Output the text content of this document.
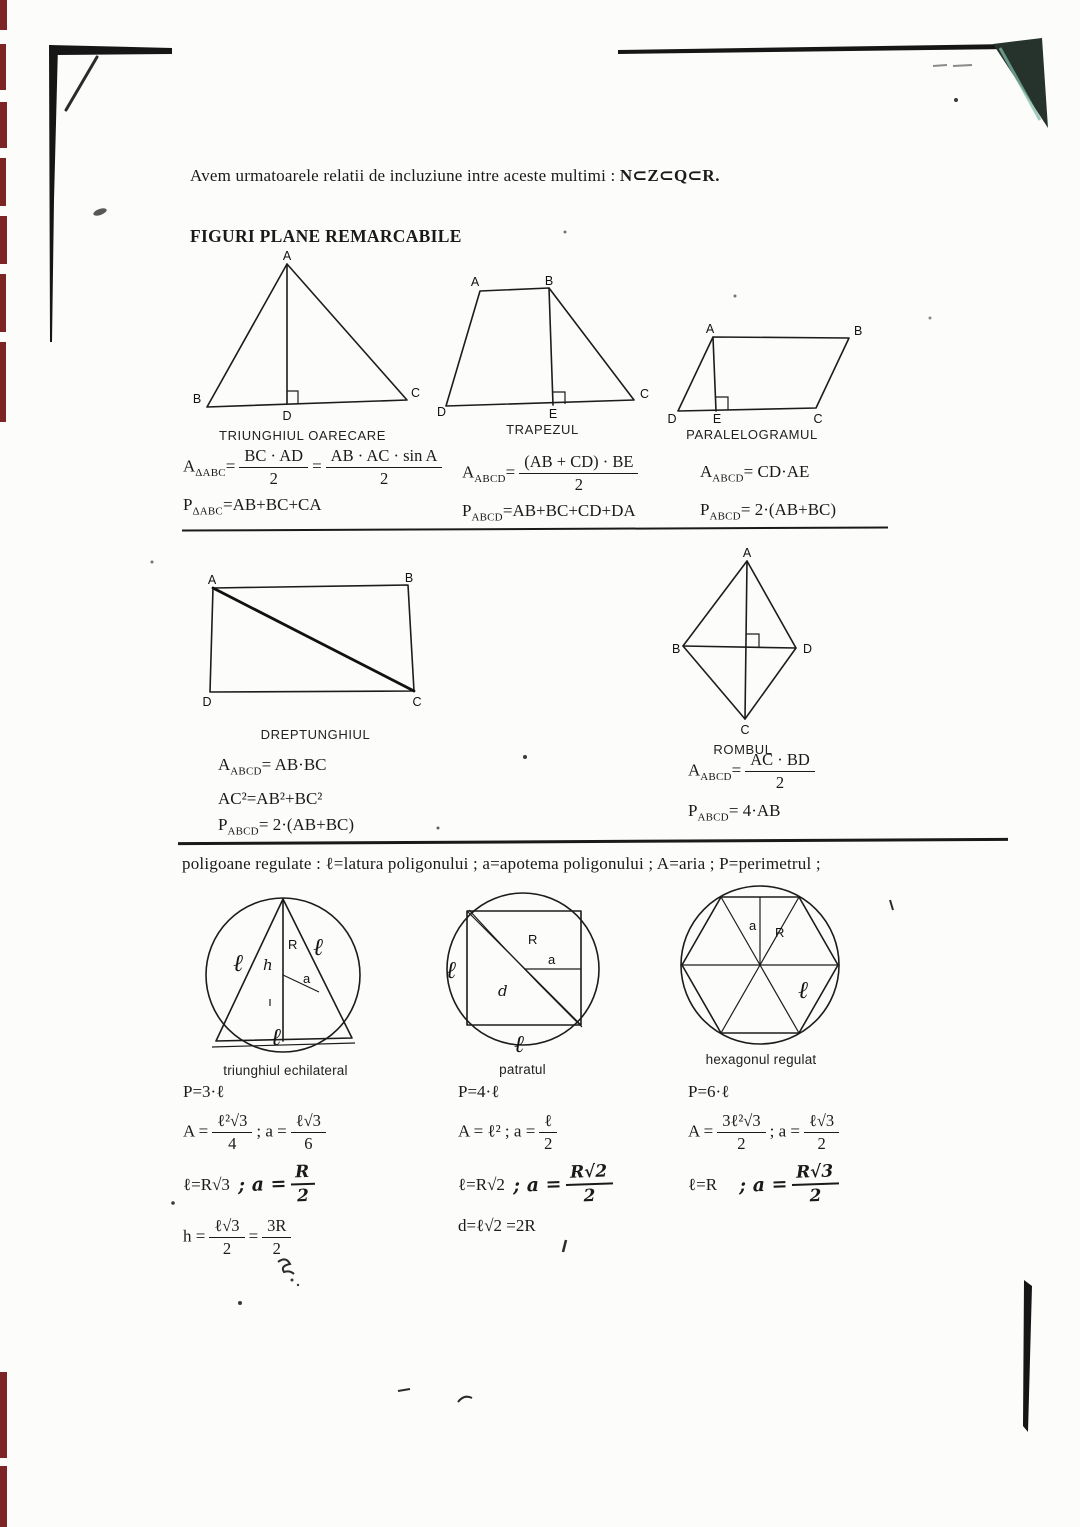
Avem urmatoarele relatii de incluziune intre aceste multimi : N⊂Z⊂Q⊂R.
FIGURI PLANE REMARCABILE
A
B	C
D
TRIUNGHIUL OARECARE
A	B
C
D	E
TRAPEZUL
A	B
C
D	E
PARALELOGRAMUL
$A_{\Delta ABC}= \frac{BC \cdot AD}{2} = \frac{\text{AB · AC · sin A}}{2}$
$P_{\Delta ABC}=AB+BC+CA$
$A_{ABCD}= \frac{(AB + CD) \cdot BE}{2}$
$P_{ABCD}=AB+BC+CD+DA$
$A_{ABCD}= CD\cdot AE$
$P_{ABCD}= 2\cdot(AB+BC)$
A	B
C
D
DREPTUNGHIUL
A
B
C
D
ROMBUL
$A_{ABCD}= AB\cdot BC$
AC²=AB²+BC²
$P_{ABCD}= 2\cdot(AB+BC)$
$A_{ABCD}= \frac{AC \cdot BD}{2}$
$P_{ABCD}= 4\cdot AB$
poligoane regulate : ℓ=latura poligonului ; a=apotema poligonului ; A=aria ; P=perimetrul ;
ℓ
ℓ
ℓ
R
h
a
triunghiul echilateral
R
a
d
ℓ
ℓ
patratul
a R
ℓ
hexagonul regulat
P=3·ℓ
$A = \frac{\text{ℓ²√3}}{4}$ ; $a = \frac{\text{ℓ√3}}{6}$
ℓ=R√3 ; $a = \frac{R}{2}$
$h = \frac{\text{ℓ√3}}{2} = \frac{3R}{2}$
P=4·ℓ
A = ℓ² ; $a = \frac{\text{ℓ}}{2}$
ℓ=R√2 ; $a = \frac{R√2}{2}$
d=ℓ√2 =2R
P=6·ℓ
$A = \frac{\text{3ℓ²√3}}{2}$ ; $a = \frac{\text{ℓ√3}}{2}$
ℓ=R ; $a = \frac{R√3}{2}$
